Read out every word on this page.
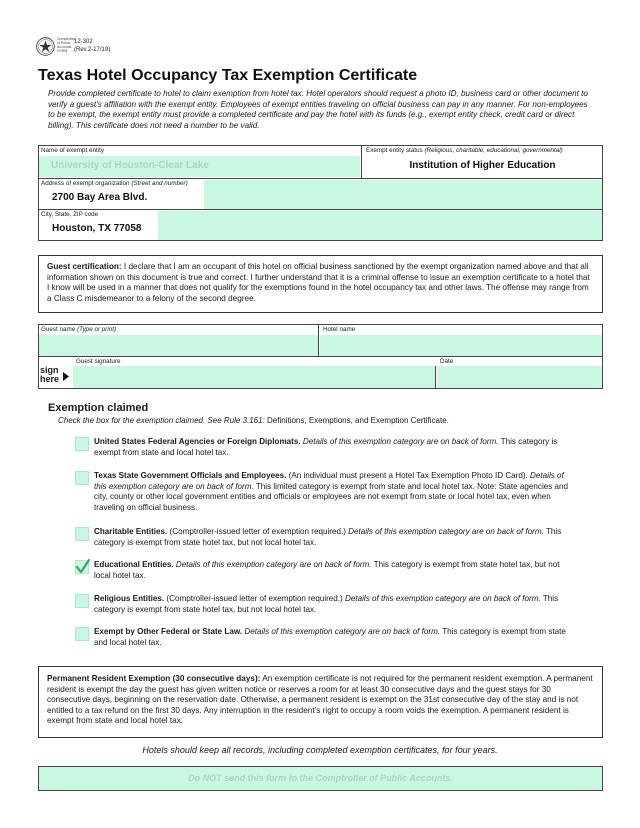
Comptroller of Public Accounts FORM
12-302
(Rev.2-17/19)
Texas Hotel Occupancy Tax Exemption Certificate
Provide completed certificate to hotel to claim exemption from hotel tax. Hotel operators should request a photo ID, business card or other document to verify a guest’s affiliation with the exempt entity. Employees of exempt entities traveling on official business can pay in any manner. For non-employees to be exempt, the exempt entity must provide a completed certificate and pay the hotel with its funds (e.g., exempt entity check, credit card or direct billing). This certificate does not need a number to be valid.
Name of exempt entity
University of Houston-Clear Lake
Exempt entity status (Religious, charitable, educational, governmental)
Institution of Higher Education
Address of exempt organization (Street and number)
2700 Bay Area Blvd.
City, State, ZIP code
Houston, TX 77058
Guest certification: I declare that I am an occupant of this hotel on official business sanctioned by the exempt organization named above and that all information shown on this document is true and correct. I further understand that it is a criminal offense to issue an exemption certificate to a hotel that I know will be used in a manner that does not qualify for the exemptions found in the hotel occupancy tax and other laws. The offense may range from a Class C misdemeanor to a felony of the second degree.
Guest name (Type or print)	Hotel name
sign
here
Guest signature	Date
Exemption claimed
Check the box for the exemption claimed. See Rule 3.161: Definitions, Exemptions, and Exemption Certificate.
United States Federal Agencies or Foreign Diplomats. Details of this exemption category are on back of form. This category is exempt from state and local hotel tax.
Texas State Government Officials and Employees. (An individual must present a Hotel Tax Exemption Photo ID Card). Details of this exemption category are on back of form. This limited category is exempt from state and local hotel tax. Note: State agencies and city, county or other local government entities and officials or employees are not exempt from state or local hotel tax, even when traveling on official business.
Charitable Entities. (Comptroller-issued letter of exemption required.) Details of this exemption category are on back of form. This category is exempt from state hotel tax, but not local hotel tax.
Educational Entities. Details of this exemption category are on back of form. This category is exempt from state hotel tax, but not local hotel tax.
Religious Entities. (Comptroller-issued letter of exemption required.) Details of this exemption category are on back of form. This category is exempt from state hotel tax, but not local hotel tax.
Exempt by Other Federal or State Law. Details of this exemption category are on back of form. This category is exempt from state and local hotel tax.
Permanent Resident Exemption (30 consecutive days): An exemption certificate is not required for the permanent resident exemption. A permanent resident is exempt the day the guest has given written notice or reserves a room for at least 30 consecutive days and the guest stays for 30 consecutive days, beginning on the reservation date. Otherwise, a permanent resident is exempt on the 31st consecutive day of the stay and is not entitled to a tax refund on the first 30 days. Any interruption in the resident’s right to occupy a room voids the exemption. A permanent resident is exempt from state and local hotel tax.
Hotels should keep all records, including completed exemption certificates, for four years.
Do NOT send this form to the Comptroller of Public Accounts.
